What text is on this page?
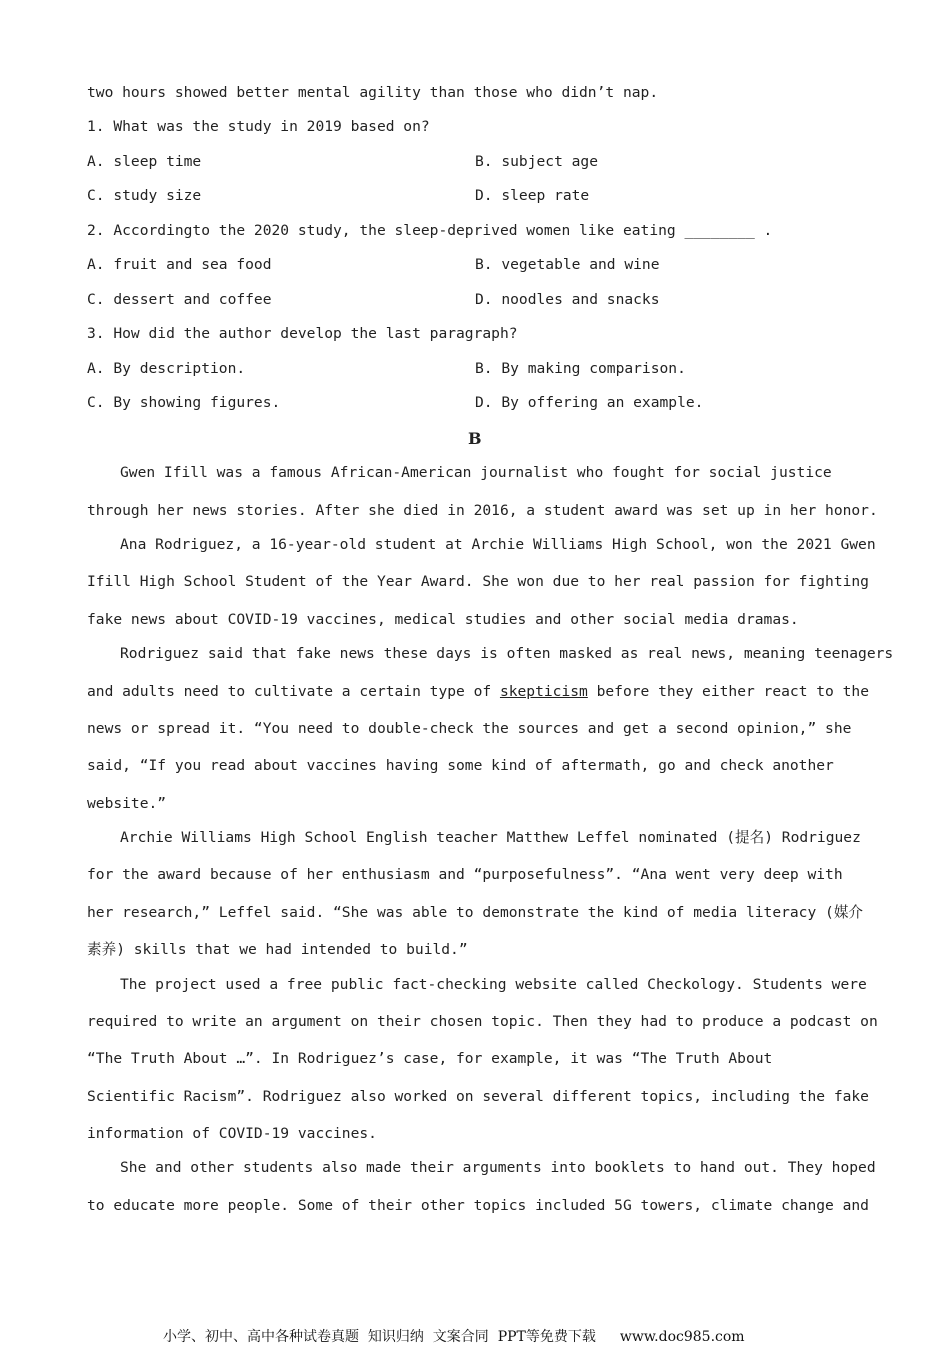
two hours showed better mental agility than those who didn’t nap.
1. What was the study in 2019 based on?
A. sleep time	B. subject age
C. study size	D. sleep rate
2. Accordingto the 2020 study, the sleep-deprived women like eating ________ .
A. fruit and sea food	B. vegetable and wine
C. dessert and coffee	D. noodles and snacks
3. How did the author develop the last paragraph?
A. By description.	B. By making comparison.
C. By showing figures.	D. By offering an example.
B
Gwen Ifill was a famous African-American journalist who fought for social justice
through her news stories. After she died in 2016, a student award was set up in her honor.
Ana Rodriguez, a 16-year-old student at Archie Williams High School, won the 2021 Gwen
Ifill High School Student of the Year Award. She won due to her real passion for fighting
fake news about COVID-19 vaccines, medical studies and other social media dramas.
Rodriguez said that fake news these days is often masked as real news, meaning teenagers
and adults need to cultivate a certain type of skepticism before they either react to the
news or spread it. “You need to double-check the sources and get a second opinion,” she
said, “If you read about vaccines having some kind of aftermath, go and check another
website.”
Archie Williams High School English teacher Matthew Leffel nominated (提名) Rodriguez
for the award because of her enthusiasm and “purposefulness”. “Ana went very deep with
her research,” Leffel said. “She was able to demonstrate the kind of media literacy (媒介
素养) skills that we had intended to build.”
The project used a free public fact-checking website called Checkology. Students were
required to write an argument on their chosen topic. Then they had to produce a podcast on
“The Truth About …”. In Rodriguez’s case, for example, it was “The Truth About
Scientific Racism”. Rodriguez also worked on several different topics, including the fake
information of COVID-19 vaccines.
She and other students also made their arguments into booklets to hand out. They hoped
to educate more people. Some of their other topics included 5G towers, climate change and
小学、初中、高中各种试卷真题  知识归纳  文案合同  PPT等免费下载 www.doc985.com
